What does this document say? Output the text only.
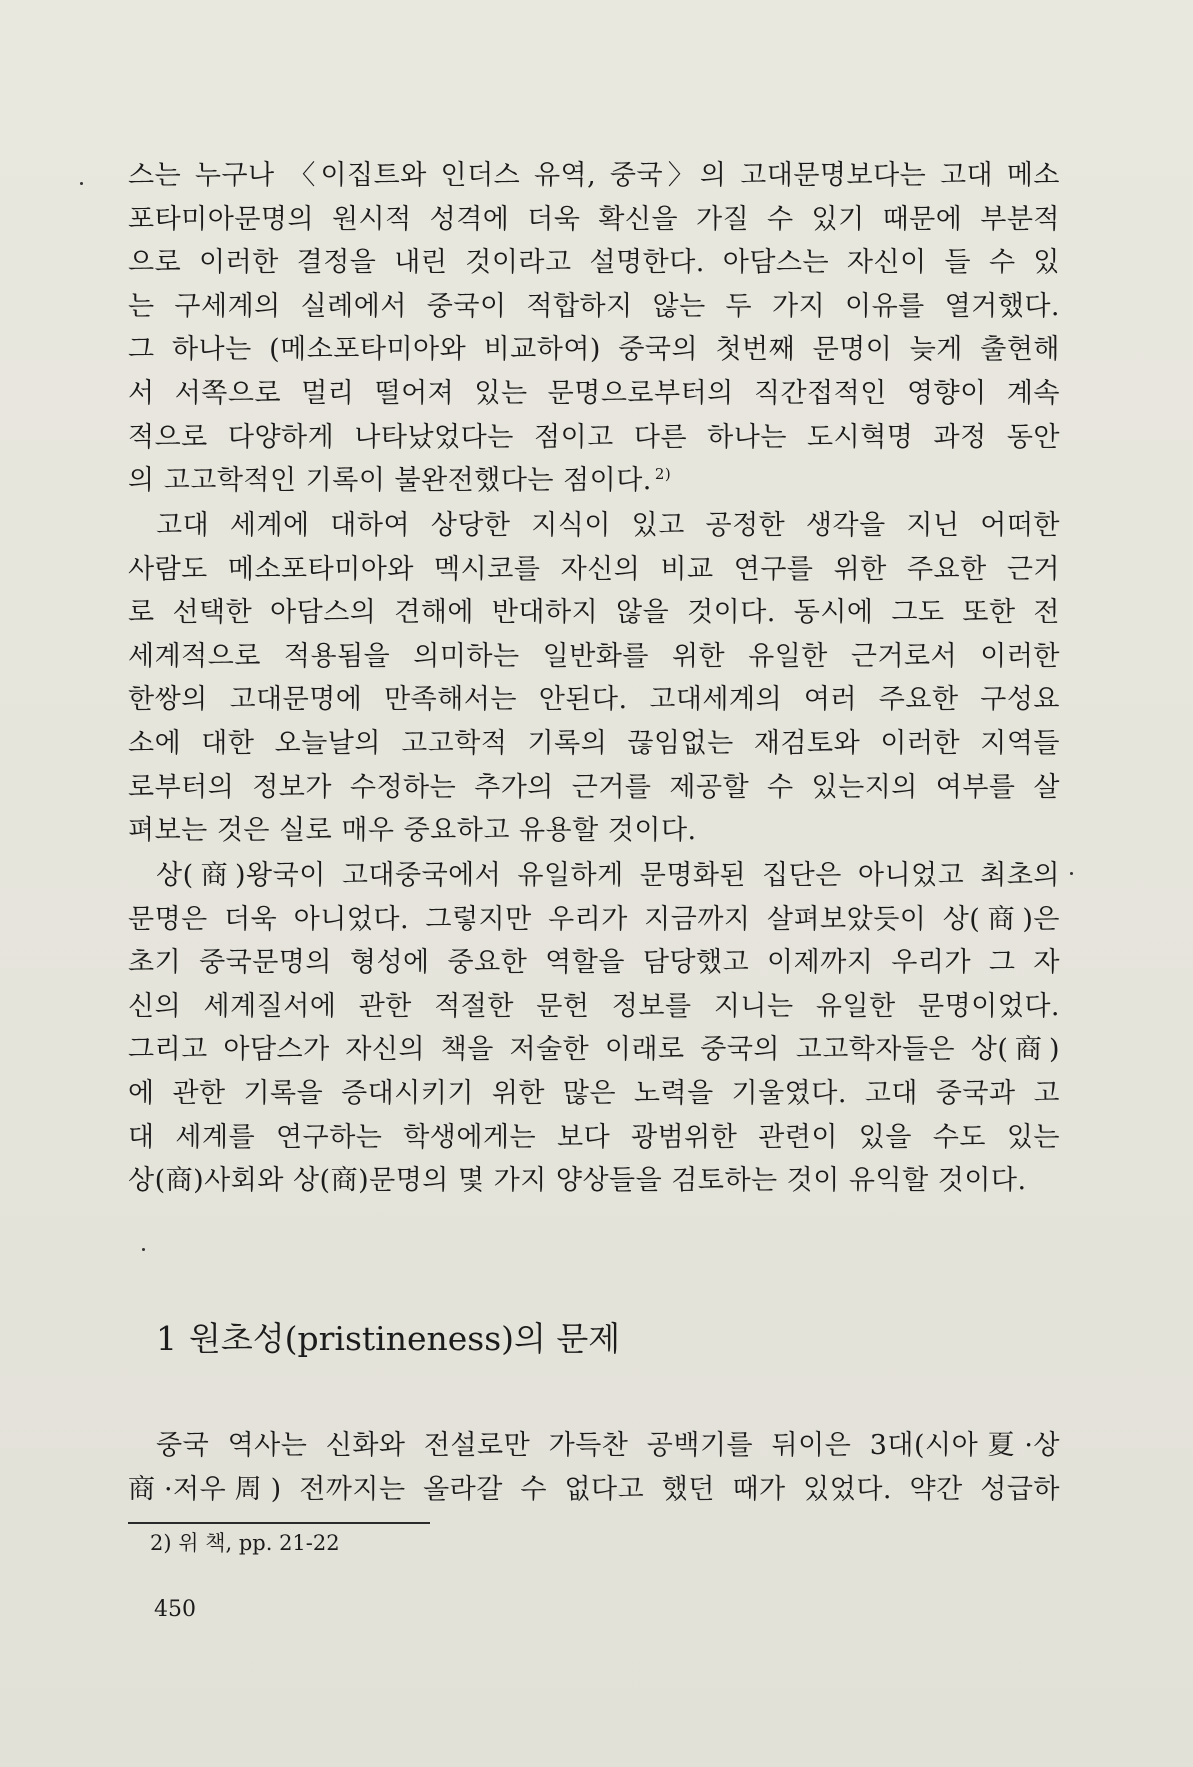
스는 누구나 〈이집트와 인더스 유역, 중국〉의 고대문명보다는 고대 메소
포타미아문명의 원시적 성격에 더욱 확신을 가질 수 있기 때문에 부분적
으로 이러한 결정을 내린 것이라고 설명한다. 아담스는 자신이 들 수 있
는 구세계의 실례에서 중국이 적합하지 않는 두 가지 이유를 열거했다.
그 하나는 (메소포타미아와 비교하여) 중국의 첫번째 문명이 늦게 출현해
서 서쪽으로 멀리 떨어져 있는 문명으로부터의 직간접적인 영향이 계속
적으로 다양하게 나타났었다는 점이고 다른 하나는 도시혁명 과정 동안
의 고고학적인 기록이 불완전했다는 점이다. $^{2)}$
고대 세계에 대하여 상당한 지식이 있고 공정한 생각을 지닌 어떠한
사람도 메소포타미아와 멕시코를 자신의 비교 연구를 위한 주요한 근거
로 선택한 아담스의 견해에 반대하지 않을 것이다. 동시에 그도 또한 전
세계적으로 적용됨을 의미하는 일반화를 위한 유일한 근거로서 이러한
한쌍의 고대문명에 만족해서는 안된다. 고대세계의 여러 주요한 구성요
소에 대한 오늘날의 고고학적 기록의 끊임없는 재검토와 이러한 지역들
로부터의 정보가 수정하는 추가의 근거를 제공할 수 있는지의 여부를 살
펴보는 것은 실로 매우 중요하고 유용할 것이다.
상(商)왕국이 고대중국에서 유일하게 문명화된 집단은 아니었고 최초의
문명은 더욱 아니었다. 그렇지만 우리가 지금까지 살펴보았듯이 상(商)은
초기 중국문명의 형성에 중요한 역할을 담당했고 이제까지 우리가 그 자
신의 세계질서에 관한 적절한 문헌 정보를 지니는 유일한 문명이었다.
그리고 아담스가 자신의 책을 저술한 이래로 중국의 고고학자들은 상(商)
에 관한 기록을 증대시키기 위한 많은 노력을 기울였다. 고대 중국과 고
대 세계를 연구하는 학생에게는 보다 광범위한 관련이 있을 수도 있는
상(商)사회와 상(商)문명의 몇 가지 양상들을 검토하는 것이 유익할 것이다.
1 원초성(pristineness)의 문제
중국 역사는 신화와 전설로만 가득찬 공백기를 뒤이은 3대(시아夏·상
商·저우周) 전까지는 올라갈 수 없다고 했던 때가 있었다. 약간 성급하
2) 위 책, pp. 21-22
450
